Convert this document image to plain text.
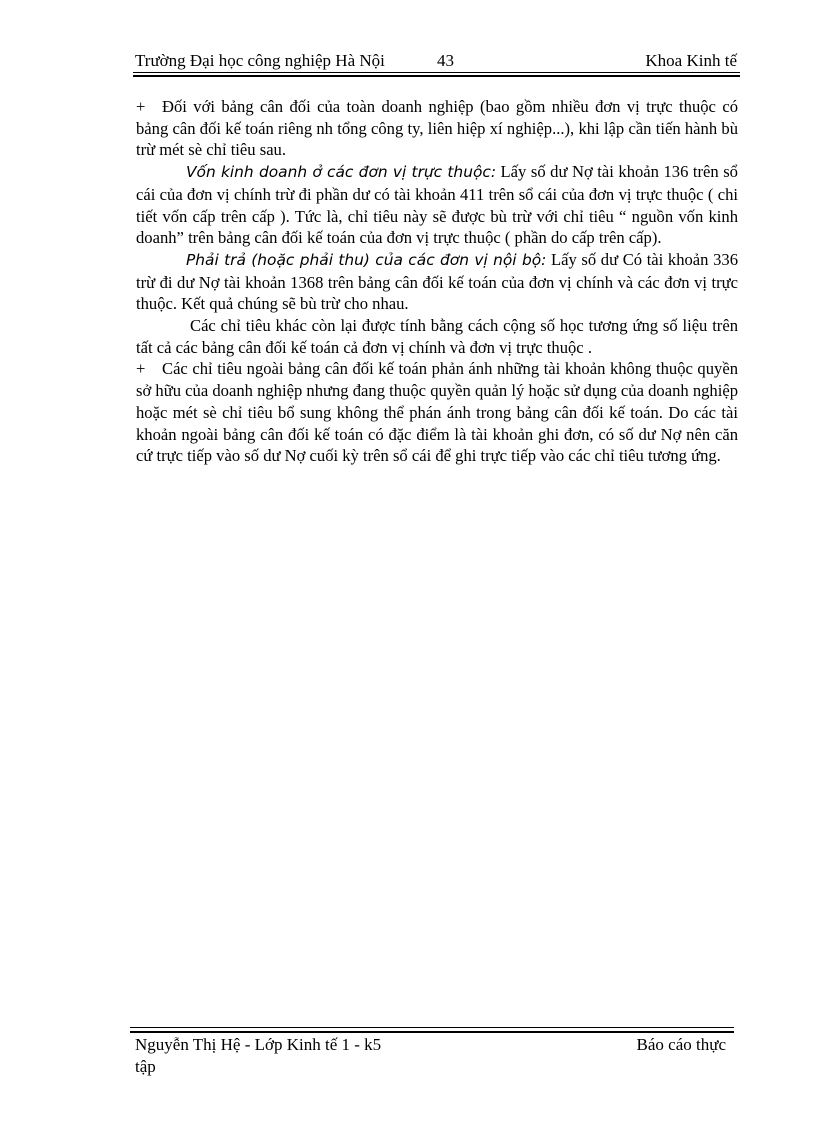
Trường Đại học công nghiệp Hà Nội	43	Khoa Kinh tế

+ Đối với bảng cân đối của toàn doanh nghiệp (bao gồm nhiều đơn vị trực thuộc có bảng cân đối kế toán riêng nh tổng công ty, liên hiệp xí nghiệp...), khi lập cần tiến hành bù trừ mét sè chỉ tiêu sau.

Vốn kinh doanh ở các đơn vị trực thuộc: Lấy số dư Nợ tài khoản 136 trên sổ cái của đơn vị chính trừ đi phần dư có tài khoản 411 trên sổ cái của đơn vị trực thuộc ( chi tiết vốn cấp trên cấp ). Tức là, chỉ tiêu này sẽ được bù trừ với chỉ tiêu “ nguồn vốn kinh doanh” trên bảng cân đối kế toán của đơn vị trực thuộc ( phần do cấp trên cấp).

Phải trả (hoặc phải thu) của các đơn vị nội bộ: Lấy số dư Có tài khoản 336 trừ đi dư Nợ tài khoản 1368 trên bảng cân đối kế toán của đơn vị chính và các đơn vị trực thuộc. Kết quả chúng sẽ bù trừ cho nhau.

Các chỉ tiêu khác còn lại được tính bằng cách cộng số học tương ứng số liệu trên tất cả các bảng cân đối kế toán cả đơn vị chính và đơn vị trực thuộc .

+ Các chỉ tiêu ngoài bảng cân đối kế toán phản ánh những tài khoản không thuộc quyền sở hữu của doanh nghiệp nhưng đang thuộc quyền quản lý hoặc sử dụng của doanh nghiệp hoặc mét sè chỉ tiêu bổ sung không thể phán ánh trong bảng cân đối kế toán. Do các tài khoản ngoài bảng cân đối kế toán có đặc điểm là tài khoản ghi đơn, có số dư Nợ nên căn cứ trực tiếp vào số dư Nợ cuối kỳ trên sổ cái để ghi trực tiếp vào các chỉ tiêu tương ứng.

Nguyễn Thị Hệ - Lớp Kinh tế 1 - k5	Báo cáo thực
tập
